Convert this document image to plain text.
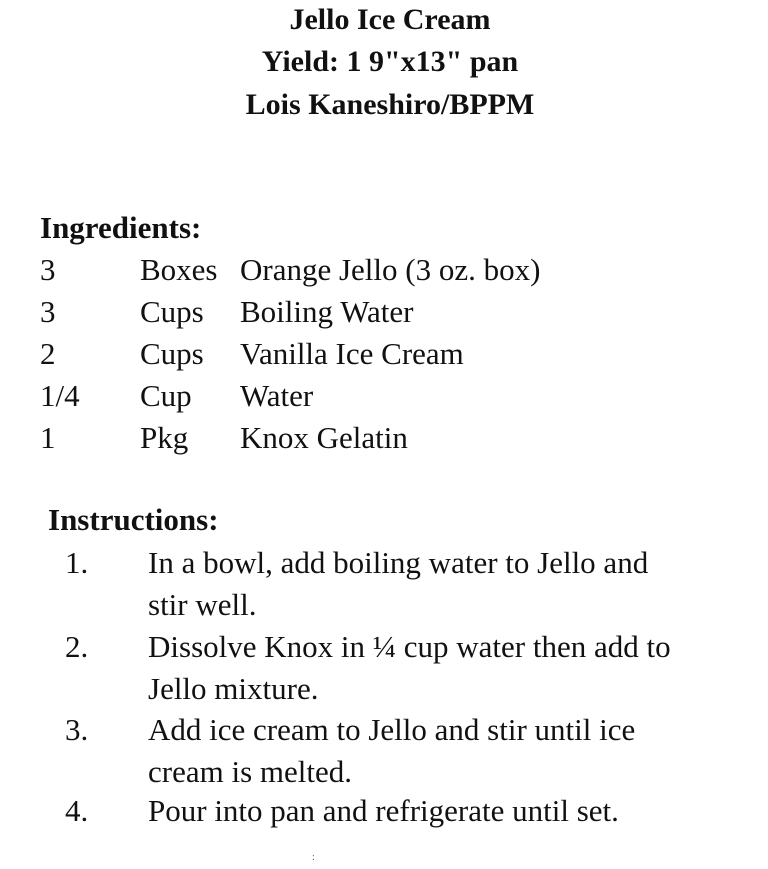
Jello Ice Cream
Yield: 1 9"x13" pan
Lois Kaneshiro/BPPM
Ingredients:
3	Boxes Orange Jello (3 oz. box)
3	Cups Boiling Water
2	Cups Vanilla Ice Cream
1/4 Cup Water
1	Pkg Knox Gelatin
Instructions:
1. In a bowl, add boiling water to Jello and
stir well.
2. Dissolve Knox in ¼ cup water then add to
Jello mixture.
3. Add ice cream to Jello and stir until ice
cream is melted.
4. Pour into pan and refrigerate until set.
:
